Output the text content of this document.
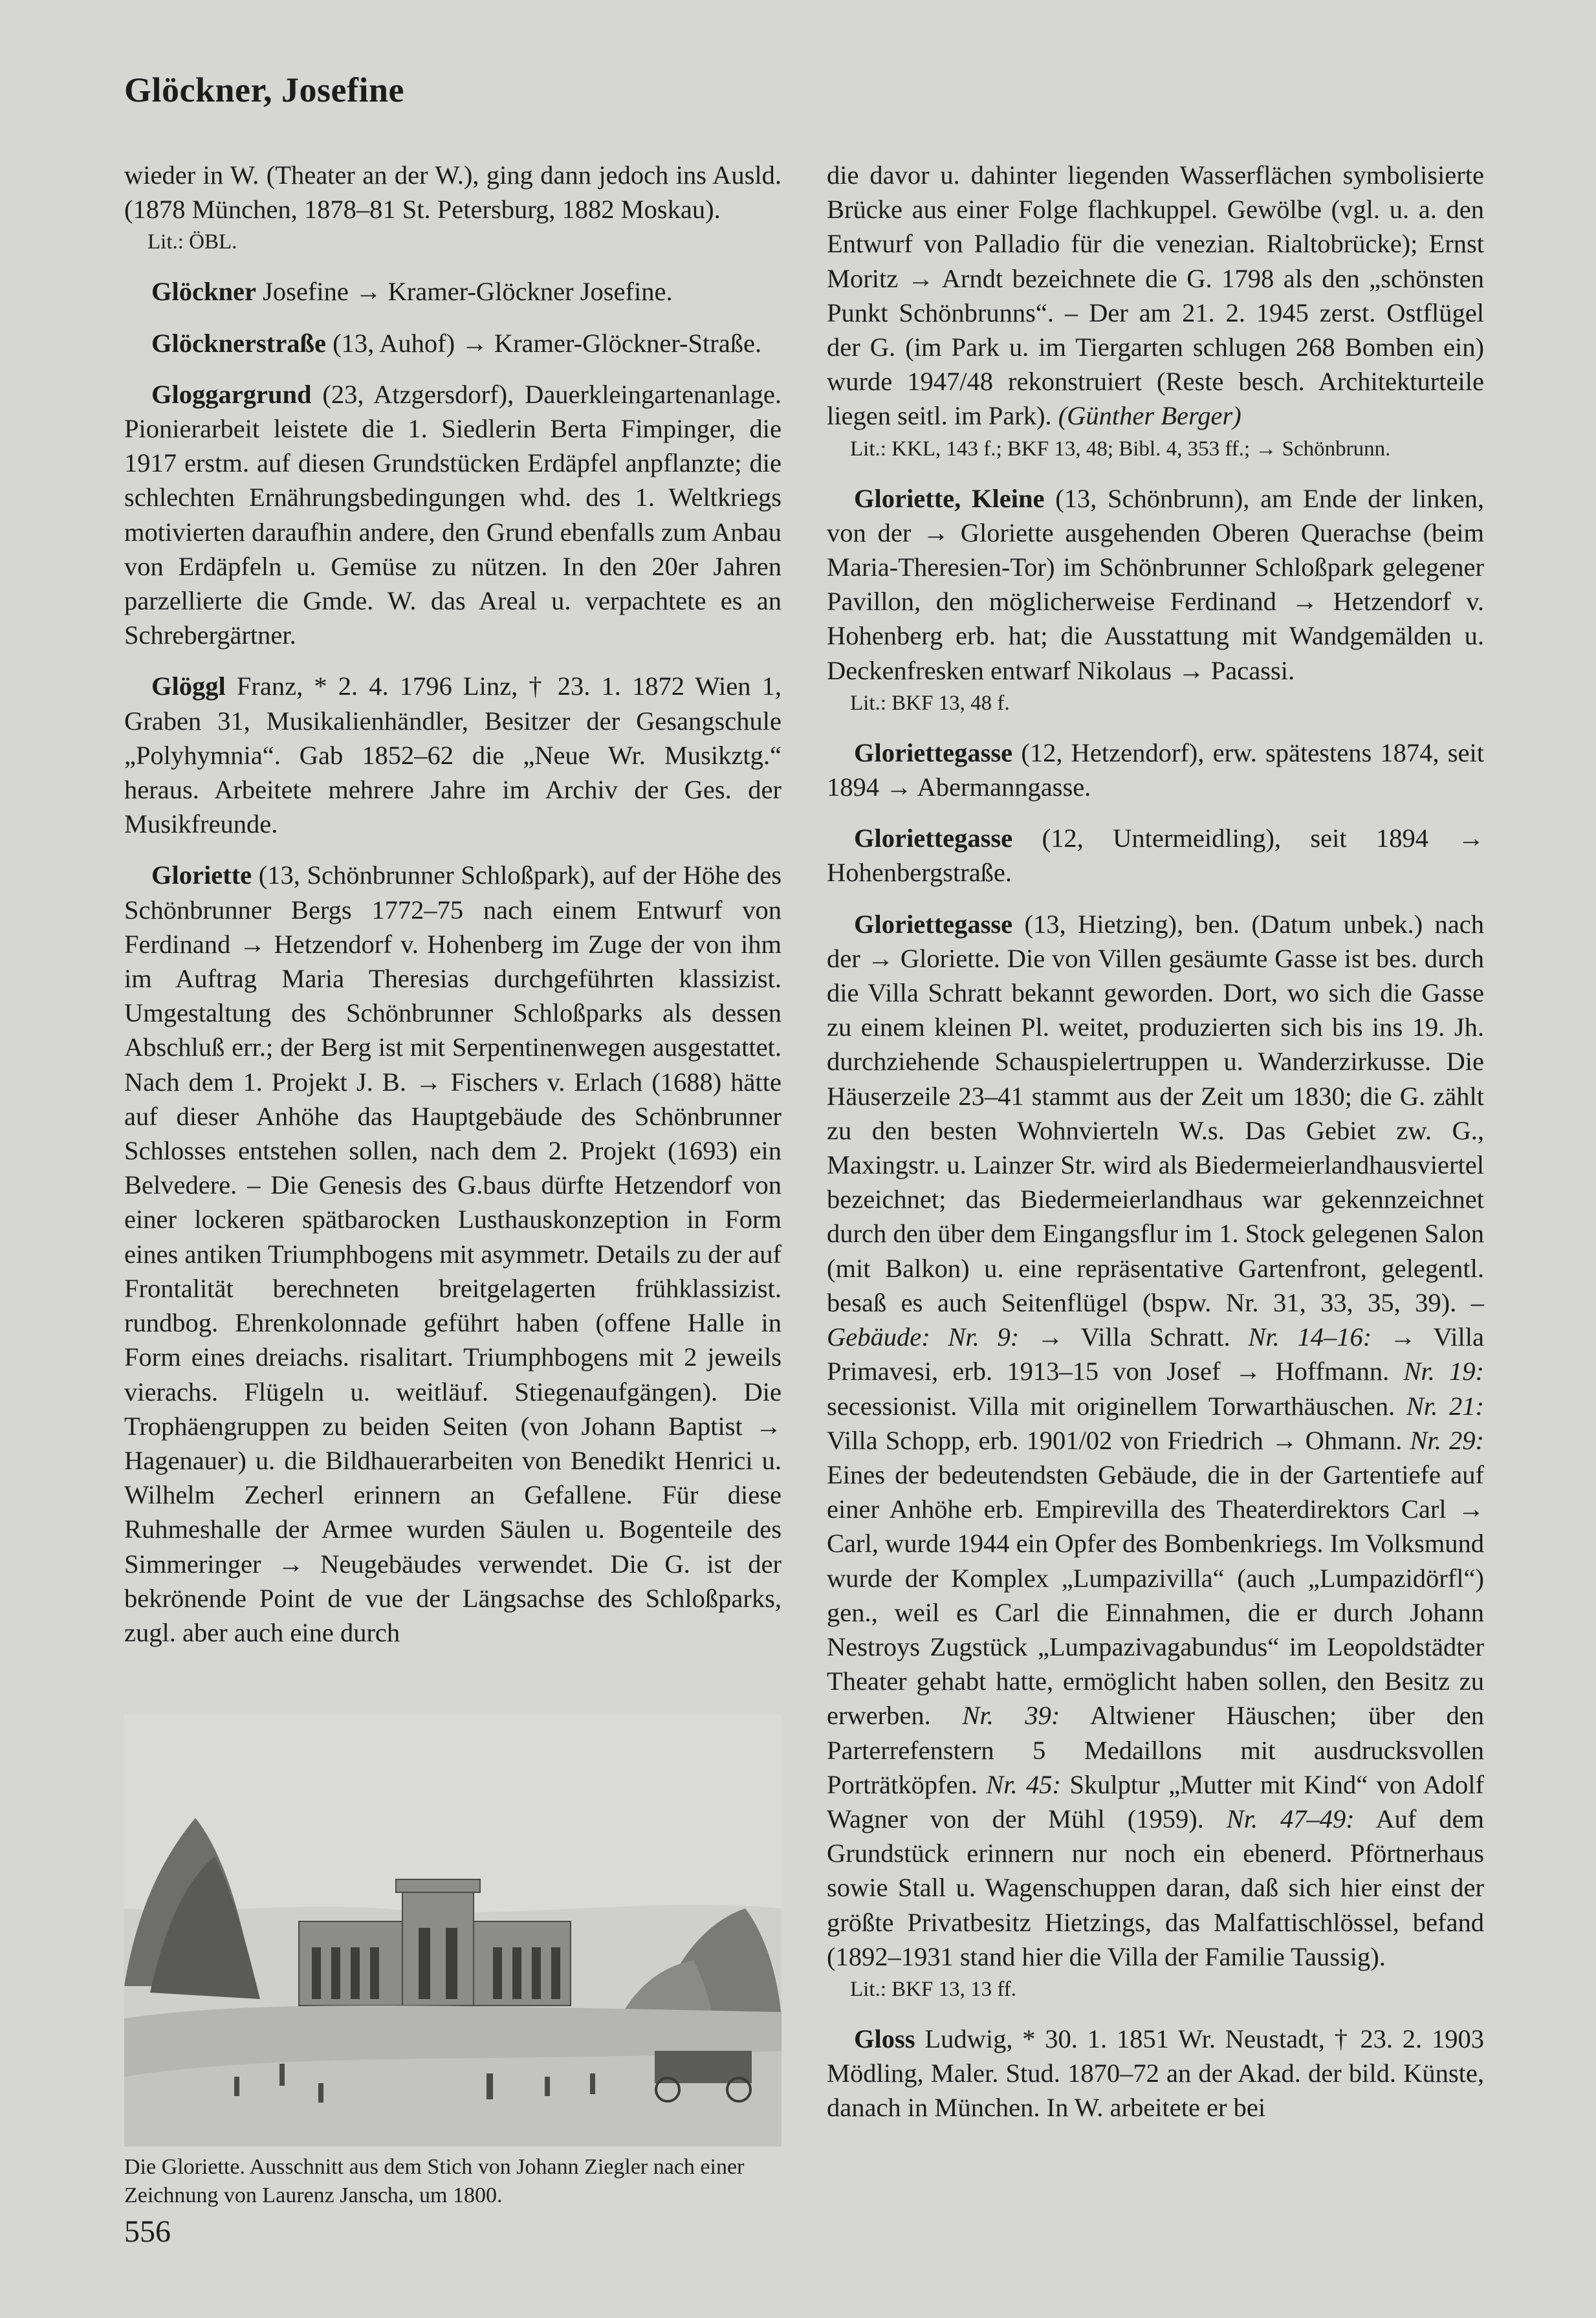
Glöckner, Josefine

wieder in W. (Theater an der W.), ging dann jedoch ins Ausld. (1878 München, 1878–81 St. Petersburg, 1882 Moskau).

Lit.: ÖBL.

Glöckner Josefine → Kramer-Glöckner Josefine.

Glöcknerstraße (13, Auhof) → Kramer-Glöckner-Straße.

Gloggargrund (23, Atzgersdorf), Dauerkleingartenanlage. Pionierarbeit leistete die 1. Siedlerin Berta Fimpinger, die 1917 erstm. auf diesen Grundstücken Erdäpfel anpflanzte; die schlechten Ernährungsbedingungen whd. des 1. Weltkriegs motivierten daraufhin andere, den Grund ebenfalls zum Anbau von Erdäpfeln u. Gemüse zu nützen. In den 20er Jahren parzellierte die Gmde. W. das Areal u. verpachtete es an Schrebergärtner.

Glöggl Franz, * 2. 4. 1796 Linz, † 23. 1. 1872 Wien 1, Graben 31, Musikalienhändler, Besitzer der Gesangschule „Polyhymnia“. Gab 1852–62 die „Neue Wr. Musikztg.“ heraus. Arbeitete mehrere Jahre im Archiv der Ges. der Musikfreunde.

Gloriette (13, Schönbrunner Schloßpark), auf der Höhe des Schönbrunner Bergs 1772–75 nach einem Entwurf von Ferdinand → Hetzendorf v. Hohenberg im Zuge der von ihm im Auftrag Maria Theresias durchgeführten klassizist. Umgestaltung des Schönbrunner Schloßparks als dessen Abschluß err.; der Berg ist mit Serpentinenwegen ausgestattet. Nach dem 1. Projekt J. B. → Fischers v. Erlach (1688) hätte auf dieser Anhöhe das Hauptgebäude des Schönbrunner Schlosses entstehen sollen, nach dem 2. Projekt (1693) ein Belvedere. – Die Genesis des G.baus dürfte Hetzendorf von einer lockeren spätbarocken Lusthauskonzeption in Form eines antiken Triumphbogens mit asymmetr. Details zu der auf Frontalität berechneten breitgelagerten frühklassizist. rundbog. Ehrenkolonnade geführt haben (offene Halle in Form eines dreiachs. risalitart. Triumphbogens mit 2 jeweils vierachs. Flügeln u. weitläuf. Stiegenaufgängen). Die Trophäengruppen zu beiden Seiten (von Johann Baptist → Hagenauer) u. die Bildhauerarbeiten von Benedikt Henrici u. Wilhelm Zecherl erinnern an Gefallene. Für diese Ruhmeshalle der Armee wurden Säulen u. Bogenteile des Simmeringer → Neugebäudes verwendet. Die G. ist der bekrönende Point de vue der Längsachse des Schloßparks, zugl. aber auch eine durch

Die Gloriette. Ausschnitt aus dem Stich von Johann Ziegler nach einer Zeichnung von Laurenz Janscha, um 1800.

die davor u. dahinter liegenden Wasserflächen symbolisierte Brücke aus einer Folge flachkuppel. Gewölbe (vgl. u. a. den Entwurf von Palladio für die venezian. Rialtobrücke); Ernst Moritz → Arndt bezeichnete die G. 1798 als den „schönsten Punkt Schönbrunns“. – Der am 21. 2. 1945 zerst. Ostflügel der G. (im Park u. im Tiergarten schlugen 268 Bomben ein) wurde 1947/48 rekonstruiert (Reste besch. Architekturteile liegen seitl. im Park). (Günther Berger)

Lit.: KKL, 143 f.; BKF 13, 48; Bibl. 4, 353 ff.; → Schönbrunn.

Gloriette, Kleine (13, Schönbrunn), am Ende der linken, von der → Gloriette ausgehenden Oberen Querachse (beim Maria-Theresien-Tor) im Schönbrunner Schloßpark gelegener Pavillon, den möglicherweise Ferdinand → Hetzendorf v. Hohenberg erb. hat; die Ausstattung mit Wandgemälden u. Deckenfresken entwarf Nikolaus → Pacassi.

Lit.: BKF 13, 48 f.

Gloriettegasse (12, Hetzendorf), erw. spätestens 1874, seit 1894 → Abermanngasse.

Gloriettegasse (12, Untermeidling), seit 1894 → Hohenbergstraße.

Gloriettegasse (13, Hietzing), ben. (Datum unbek.) nach der → Gloriette. Die von Villen gesäumte Gasse ist bes. durch die Villa Schratt bekannt geworden. Dort, wo sich die Gasse zu einem kleinen Pl. weitet, produzierten sich bis ins 19. Jh. durchziehende Schauspielertruppen u. Wanderzirkusse. Die Häuserzeile 23–41 stammt aus der Zeit um 1830; die G. zählt zu den besten Wohnvierteln W.s. Das Gebiet zw. G., Maxingstr. u. Lainzer Str. wird als Biedermeierlandhausviertel bezeichnet; das Biedermeierlandhaus war gekennzeichnet durch den über dem Eingangsflur im 1. Stock gelegenen Salon (mit Balkon) u. eine repräsentative Gartenfront, gelegentl. besaß es auch Seitenflügel (bspw. Nr. 31, 33, 35, 39). – Gebäude: Nr. 9: → Villa Schratt. Nr. 14–16: → Villa Primavesi, erb. 1913–15 von Josef → Hoffmann. Nr. 19: secessionist. Villa mit originellem Torwarthäuschen. Nr. 21: Villa Schopp, erb. 1901/02 von Friedrich → Ohmann. Nr. 29: Eines der bedeutendsten Gebäude, die in der Gartentiefe auf einer Anhöhe erb. Empirevilla des Theaterdirektors Carl → Carl, wurde 1944 ein Opfer des Bombenkriegs. Im Volksmund wurde der Komplex „Lumpazivilla“ (auch „Lumpazidörfl“) gen., weil es Carl die Einnahmen, die er durch Johann Nestroys Zugstück „Lumpazivagabundus“ im Leopoldstädter Theater gehabt hatte, ermöglicht haben sollen, den Besitz zu erwerben. Nr. 39: Altwiener Häuschen; über den Parterrefenstern 5 Medaillons mit ausdrucksvollen Porträtköpfen. Nr. 45: Skulptur „Mutter mit Kind“ von Adolf Wagner von der Mühl (1959). Nr. 47–49: Auf dem Grundstück erinnern nur noch ein ebenerd. Pförtnerhaus sowie Stall u. Wagenschuppen daran, daß sich hier einst der größte Privatbesitz Hietzings, das Malfattischlössel, befand (1892–1931 stand hier die Villa der Familie Taussig).

Lit.: BKF 13, 13 ff.

Gloss Ludwig, * 30. 1. 1851 Wr. Neustadt, † 23. 2. 1903 Mödling, Maler. Stud. 1870–72 an der Akad. der bild. Künste, danach in München. In W. arbeitete er bei

556
